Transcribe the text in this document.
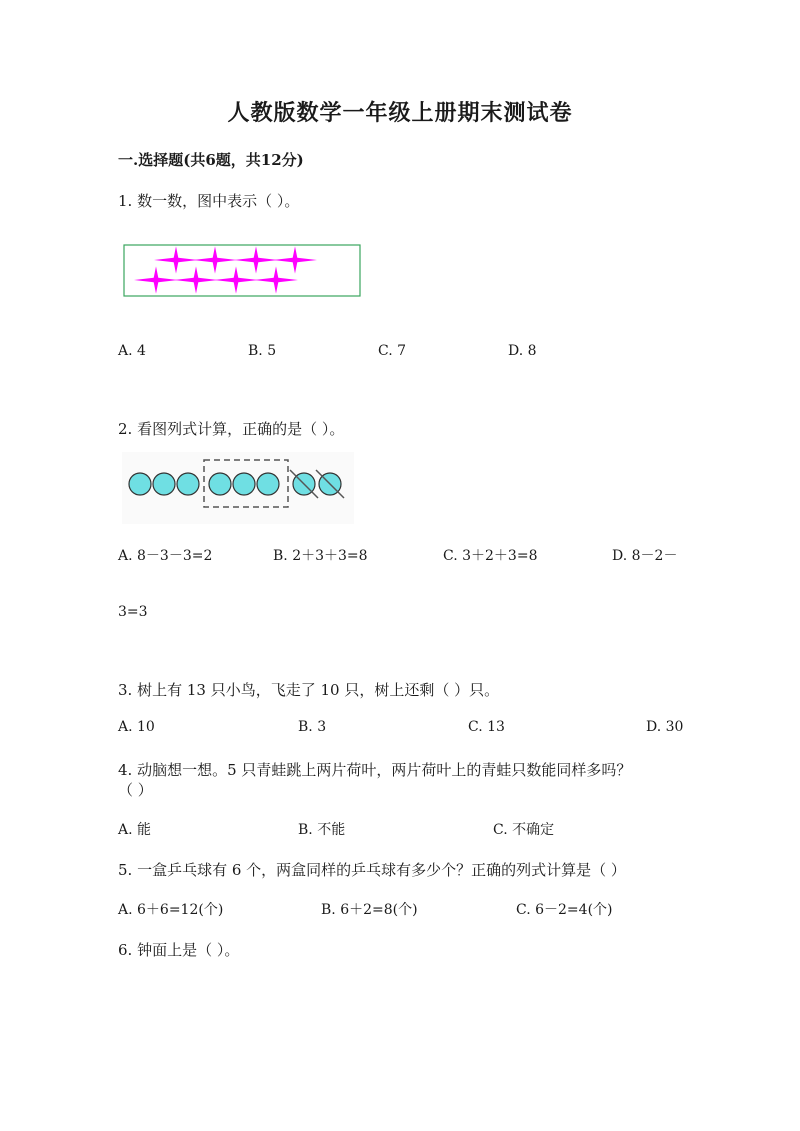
人教版数学一年级上册期末测试卷
一.选择题(共6题，共12分)
1. 数一数，图中表示（ ）。
A. 4	B. 5	C. 7	D. 8
2. 看图列式计算，正确的是（ ）。
A. 8－3－3=2	B. 2＋3＋3=8	C. 3＋2＋3=8	D. 8－2－
3=3
3. 树上有 13 只小鸟，飞走了 10 只，树上还剩（ ）只。
A. 10	B. 3	C. 13	D. 30
4. 动脑想一想。5 只青蛙跳上两片荷叶，两片荷叶上的青蛙只数能同样多吗？
（ ）
A. 能	B. 不能	C. 不确定
5. 一盒乒乓球有 6 个，两盒同样的乒乓球有多少个？正确的列式计算是（ ）
A. 6＋6=12(个)	B. 6＋2=8(个)	C. 6－2=4(个)
6. 钟面上是（ ）。
